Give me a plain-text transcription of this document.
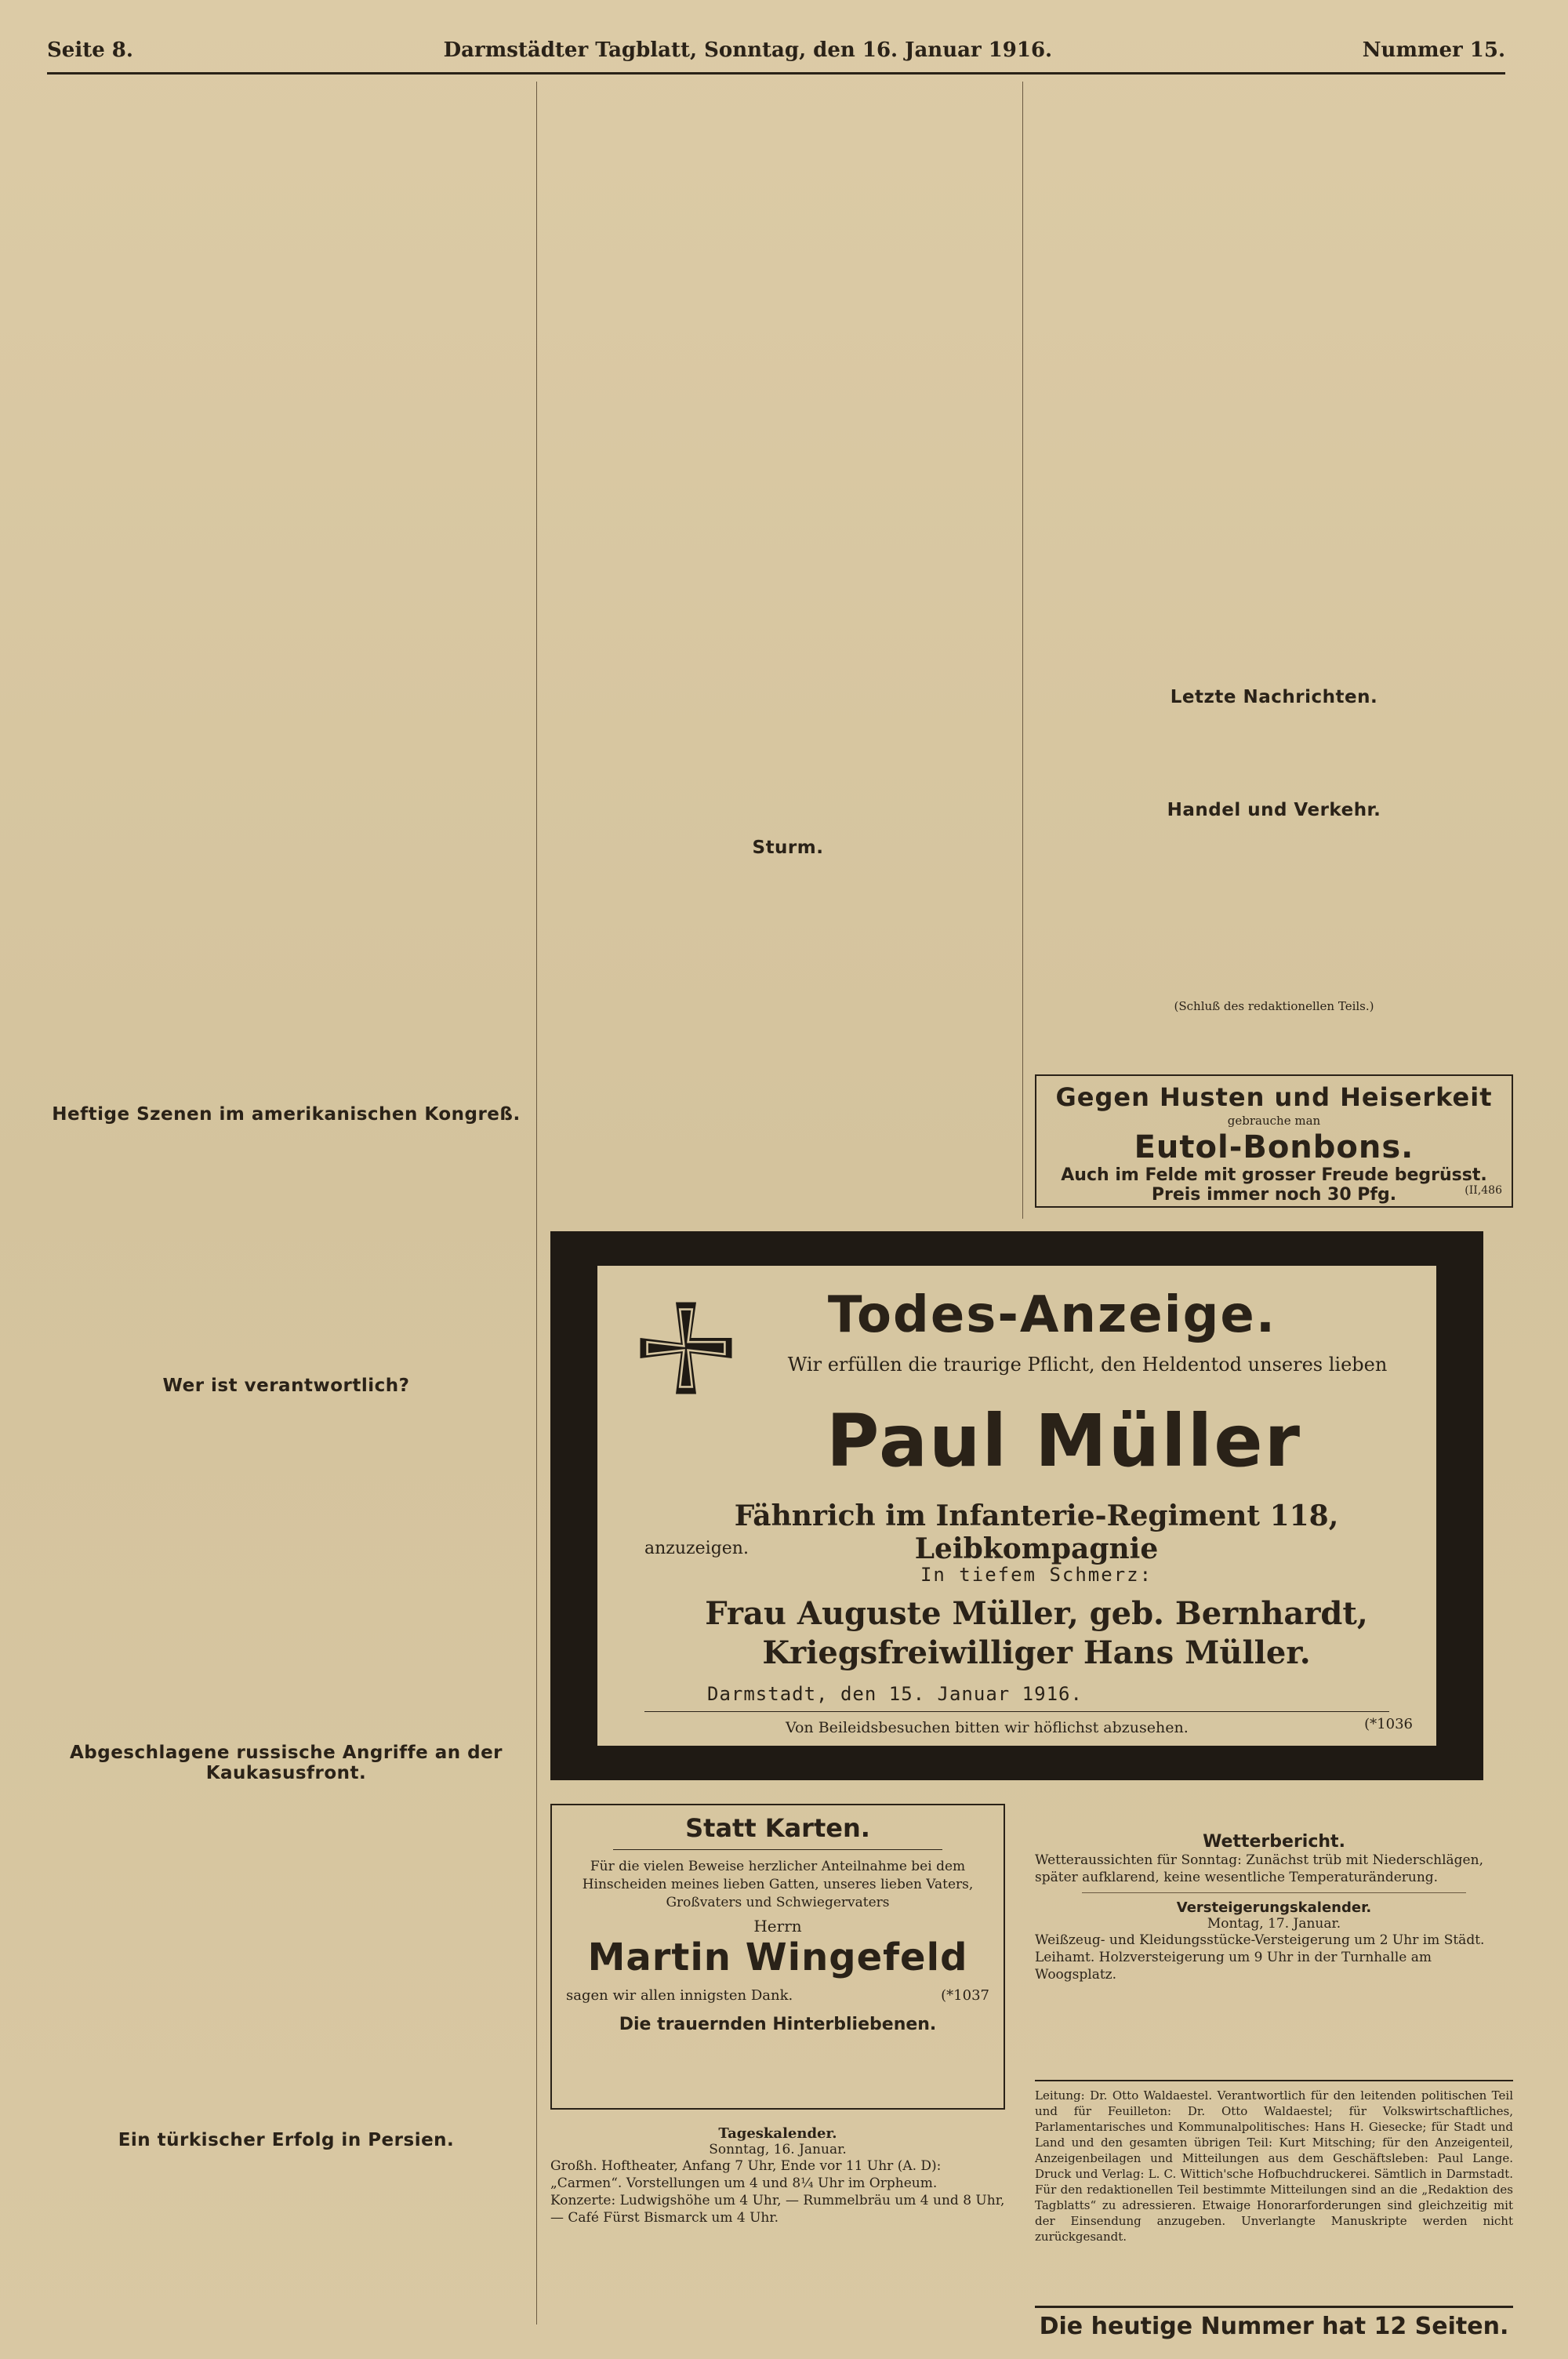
Seite 8.	Darmstädter Tagblatt, Sonntag, den 16. Januar 1916.	Nummer 15.
Heftige Szenen im amerikanischen Kongreß.
Wer ist verantwortlich?
Abgeschlagene russische Angriffe an der Kaukasusfront.
Ein türkischer Erfolg in Persien.
Sturm.
Letzte Nachrichten.
Handel und Verkehr.

(Schluß des redaktionellen Teils.)

Gegen Husten und Heiserkeit
gebrauche man
Eutol-Bonbons.
Auch im Felde mit grosser Freude begrüsst.
Preis immer noch 30 Pfg.	(II,486
Todes-Anzeige.
Wir erfüllen die traurige Pflicht, den Heldentod unseres lieben
Paul Müller
Fähnrich im Infanterie-Regiment 118, Leibkompagnie
anzuzeigen.
In tiefem Schmerz:
Frau Auguste Müller, geb. Bernhardt,
Kriegsfreiwilliger Hans Müller.
Darmstadt, den 15. Januar 1916.
Von Beileidsbesuchen bitten wir höflichst abzusehen.	(*1036
Statt Karten.
Für die vielen Beweise herzlicher Anteilnahme bei dem Hinscheiden meines lieben Gatten, unseres lieben Vaters, Großvaters und Schwiegervaters
Herrn
Martin Wingefeld
sagen wir allen innigsten Dank.	(*1037
Die trauernden Hinterbliebenen.
Tageskalender.
Sonntag, 16. Januar.
Großh. Hoftheater, Anfang 7 Uhr, Ende vor 11 Uhr (A. D): „Carmen“. Vorstellungen um 4 und 8¼ Uhr im Orpheum. Konzerte: Ludwigshöhe um 4 Uhr, — Rummelbräu um 4 und 8 Uhr, — Café Fürst Bismarck um 4 Uhr.
Wetterbericht.
Wetteraussichten für Sonntag: Zunächst trüb mit Niederschlägen, später aufklarend, keine wesentliche Temperaturänderung.
Versteigerungskalender.
Montag, 17. Januar.
Weißzeug- und Kleidungsstücke-Versteigerung um 2 Uhr im Städt. Leihamt. Holzversteigerung um 9 Uhr in der Turnhalle am Woogsplatz.
Leitung: Dr. Otto Waldaestel. Verantwortlich für den leitenden politischen Teil und für Feuilleton: Dr. Otto Waldaestel; für Volkswirtschaftliches, Parlamentarisches und Kommunalpolitisches: Hans H. Giesecke; für Stadt und Land und den gesamten übrigen Teil: Kurt Mitsching; für den Anzeigenteil, Anzeigenbeilagen und Mitteilungen aus dem Geschäftsleben: Paul Lange. Druck und Verlag: L. C. Wittich'sche Hofbuchdruckerei. Sämtlich in Darmstadt. Für den redaktionellen Teil bestimmte Mitteilungen sind an die „Redaktion des Tagblatts“ zu adressieren. Etwaige Honorarforderungen sind gleichzeitig mit der Einsendung anzugeben. Unverlangte Manuskripte werden nicht zurückgesandt.
Die heutige Nummer hat 12 Seiten.
